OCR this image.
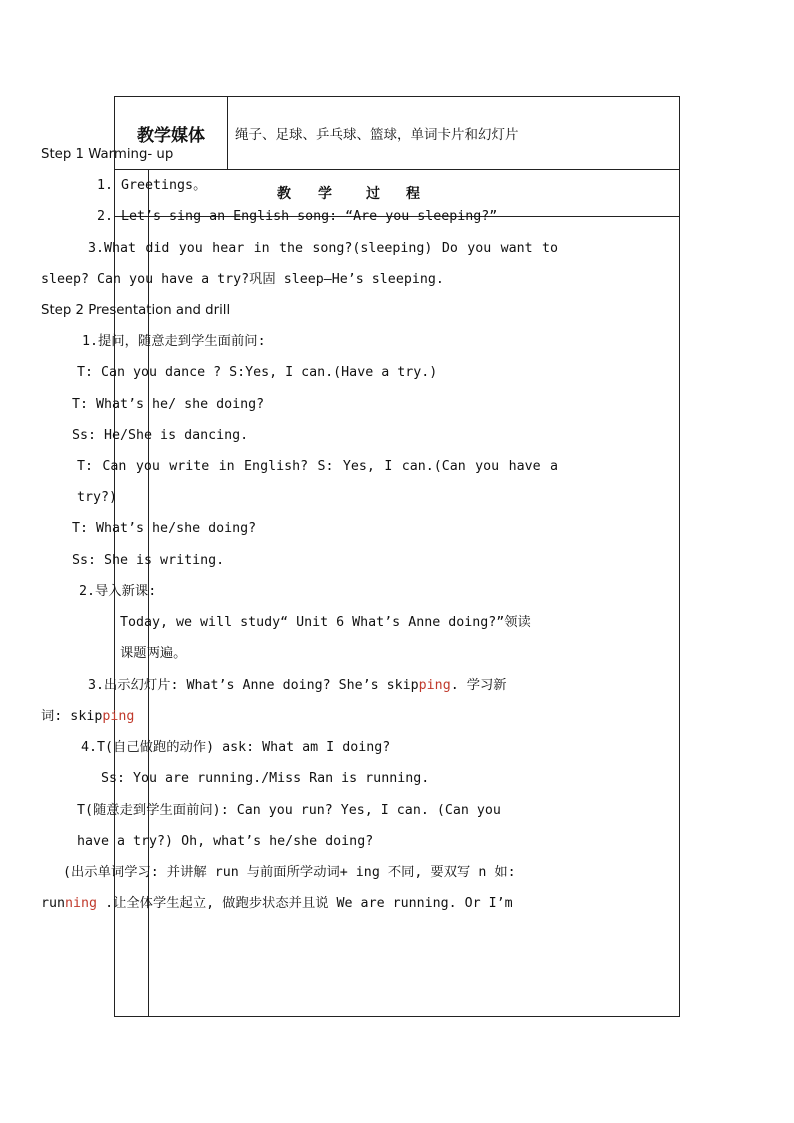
教学媒体	绳子、足球、乒乓球、篮球，单词卡片和幻灯片
教 学 过 程
Step 1 Warming- up
1. Greetings。
2. Let’s sing an English song: “Are you sleeping?”
3.What did you hear in the song?(sleeping) Do you want to
sleep? Can you have a try?巩固 sleep—He’s sleeping.
Step 2 Presentation and drill
1.提问，随意走到学生面前问:
T: Can you dance ? S:Yes, I can.(Have a try.)
T: What’s he/ she doing?
Ss: He/She is dancing.
T: Can you write in English? S: Yes, I can.(Can you have a
try?)
T: What’s he/she doing?
Ss: She is writing.
2.导入新课:
Today, we will study“ Unit 6 What’s Anne doing?”领读
课题两遍。
3.出示幻灯片: What’s Anne doing? She’s skipping. 学习新
词: skipping
4.T(自己做跑的动作) ask: What am I doing?
Ss: You are running./Miss Ran is running.
T(随意走到学生面前问): Can you run? Yes, I can. (Can you
have a try?) Oh, what’s he/she doing?
(出示单词学习: 并讲解 run 与前面所学动词+ ing 不同, 要双写 n 如:
running .让全体学生起立, 做跑步状态并且说 We are running. Or I’m
